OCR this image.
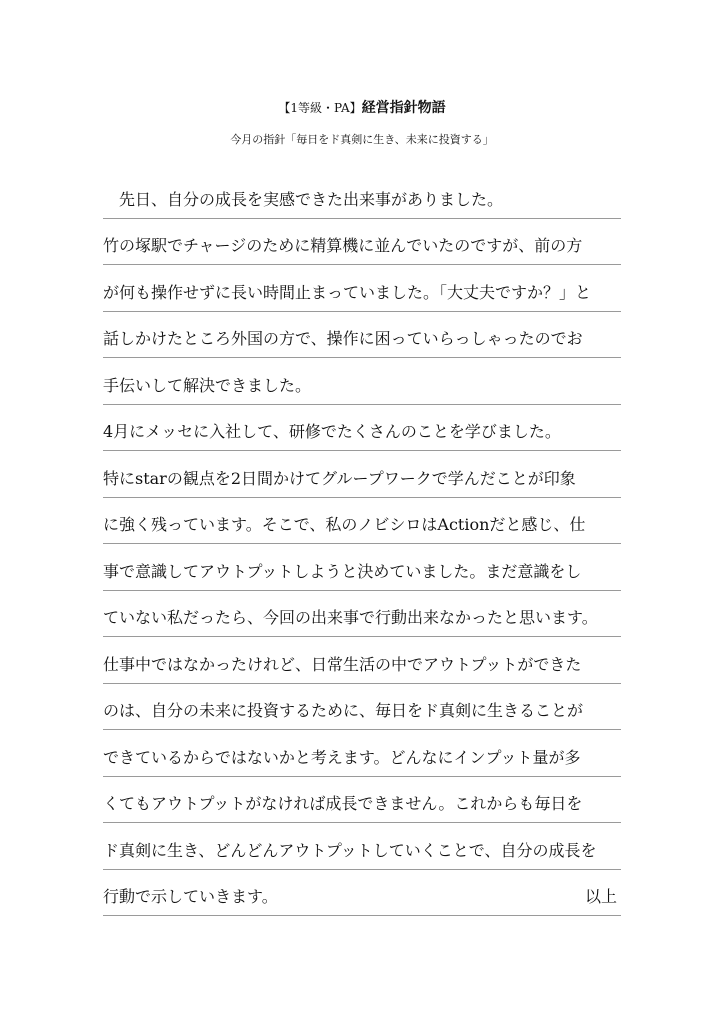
【1等級・PA】経営指針物語
今月の指針「毎日をド真剣に生き、未来に投資する」
　先日、自分の成長を実感できた出来事がありました。
竹の塚駅でチャージのために精算機に並んでいたのですが、前の方
が何も操作せずに長い時間止まっていました。「大丈夫ですか？」と
話しかけたところ外国の方で、操作に困っていらっしゃったのでお
手伝いして解決できました。
4月にメッセに入社して、研修でたくさんのことを学びました。
特にstarの観点を2日間かけてグループワークで学んだことが印象
に強く残っています。そこで、私のノビシロはActionだと感じ、仕
事で意識してアウトプットしようと決めていました。まだ意識をし
ていない私だったら、今回の出来事で行動出来なかったと思います。
仕事中ではなかったけれど、日常生活の中でアウトプットができた
のは、自分の未来に投資するために、毎日をド真剣に生きることが
できているからではないかと考えます。どんなにインプット量が多
くてもアウトプットがなければ成長できません。これからも毎日を
ド真剣に生き、どんどんアウトプットしていくことで、自分の成長を
行動で示していきます。	以上
